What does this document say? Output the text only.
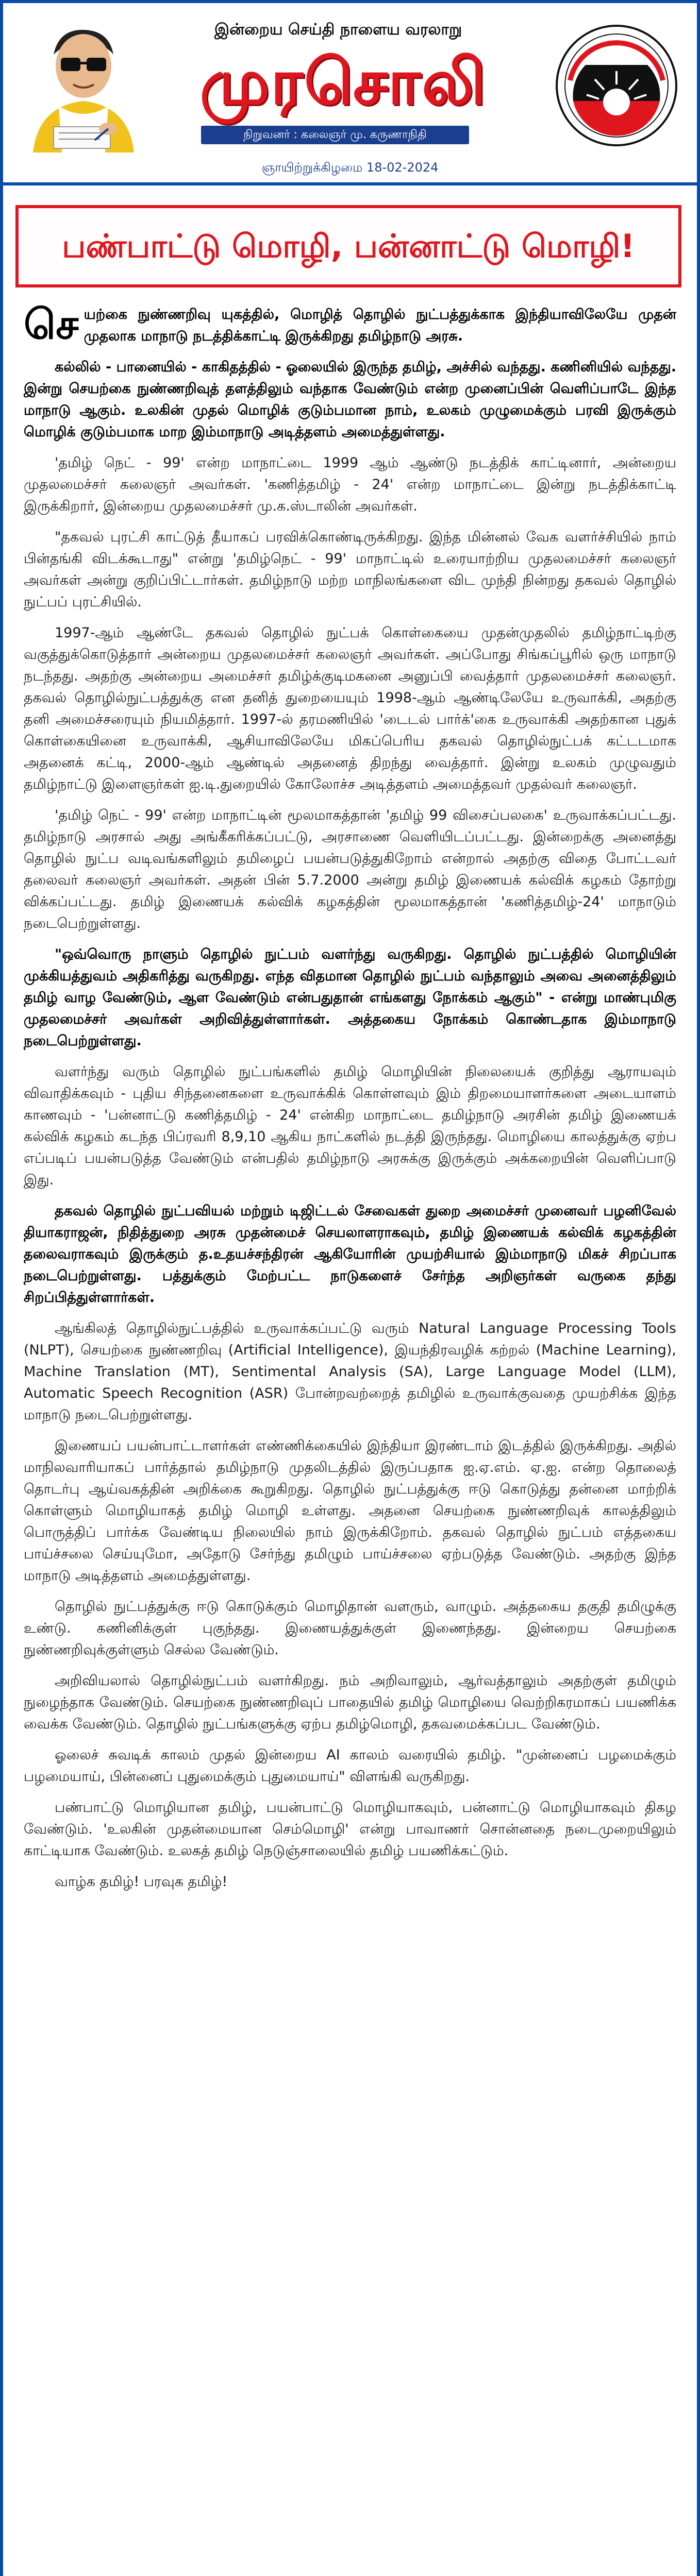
இன்றைய செய்தி நாளைய வரலாறு
முரசொலி
நிறுவனர் : கலைஞர் மு. கருணாநிதி
ஞாயிற்றுக்கிழமை 18-02-2024
பண்பாட்டு மொழி, பன்னாட்டு மொழி!

செயற்கை நுண்ணறிவு யுகத்தில், மொழித் தொழில் நுட்பத்துக்காக இந்தியாவிலேயே முதன் முதலாக மாநாடு நடத்திக்காட்டி இருக்கிறது தமிழ்நாடு அரசு.

கல்லில் - பானையில் - காகிதத்தில் - ஓலையில் இருந்த தமிழ், அச்சில் வந்தது. கணினியில் வந்தது. இன்று செயற்கை நுண்ணறிவுத் தளத்திலும் வந்தாக வேண்டும் என்ற முனைப்பின் வெளிப்பாடே இந்த மாநாடு ஆகும். உலகின் முதல் மொழிக் குடும்பமான நாம், உலகம் முழுமைக்கும் பரவி இருக்கும் மொழிக் குடும்பமாக மாற இம்மாநாடு அடித்தளம் அமைத்துள்ளது.

'தமிழ் நெட் - 99' என்ற மாநாட்டை 1999 ஆம் ஆண்டு நடத்திக் காட்டினார், அன்றைய முதலமைச்சர் கலைஞர் அவர்கள். 'கணித்தமிழ் - 24' என்ற மாநாட்டை இன்று நடத்திக்காட்டி இருக்கிறார், இன்றைய முதலமைச்சர் மு.க.ஸ்டாலின் அவர்கள்.

"தகவல் புரட்சி காட்டுத் தீயாகப் பரவிக்கொண்டிருக்கிறது. இந்த மின்னல் வேக வளர்ச்சியில் நாம் பின்தங்கி விடக்கூடாது" என்று 'தமிழ்நெட் - 99' மாநாட்டில் உரையாற்றிய முதலமைச்சர் கலைஞர் அவர்கள் அன்று குறிப்பிட்டார்கள். தமிழ்நாடு மற்ற மாநிலங்களை விட முந்தி நின்றது தகவல் தொழில் நுட்பப் புரட்சியில்.

1997-ஆம் ஆண்டே தகவல் தொழில் நுட்பக் கொள்கையை முதன்முதலில் தமிழ்நாட்டிற்கு வகுத்துக்கொடுத்தார் அன்றைய முதலமைச்சர் கலைஞர் அவர்கள். அப்போது சிங்கப்பூரில் ஒரு மாநாடு நடந்தது. அதற்கு அன்றைய அமைச்சர் தமிழ்க்குடிமகனை அனுப்பி வைத்தார் முதலமைச்சர் கலைஞர். தகவல் தொழில்நுட்பத்துக்கு என தனித் துறையையும் 1998-ஆம் ஆண்டிலேயே உருவாக்கி, அதற்கு தனி அமைச்சரையும் நியமித்தார். 1997-ல் தரமணியில் 'டைடல் பார்க்'கை உருவாக்கி அதற்கான புதுக் கொள்கையினை உருவாக்கி, ஆசியாவிலேயே மிகப்பெரிய தகவல் தொழில்நுட்பக் கட்டடமாக அதனைக் கட்டி, 2000-ஆம் ஆண்டில் அதனைத் திறந்து வைத்தார். இன்று உலகம் முழுவதும் தமிழ்நாட்டு இளைஞர்கள் ஐ.டி.துறையில் கோலோச்ச அடித்தளம் அமைத்தவர் முதல்வர் கலைஞர்.

'தமிழ் நெட் - 99' என்ற மாநாட்டின் மூலமாகத்தான் 'தமிழ் 99 விசைப்பலகை' உருவாக்கப்பட்டது. தமிழ்நாடு அரசால் அது அங்கீகரிக்கப்பட்டு, அரசாணை வெளியிடப்பட்டது. இன்றைக்கு அனைத்து தொழில் நுட்ப வடிவங்களிலும் தமிழைப் பயன்படுத்துகிறோம் என்றால் அதற்கு விதை போட்டவர் தலைவர் கலைஞர் அவர்கள். அதன் பின் 5.7.2000 அன்று தமிழ் இணையக் கல்விக் கழகம் தோற்று விக்கப்பட்டது. தமிழ் இணையக் கல்விக் கழகத்தின் மூலமாகத்தான் 'கணித்தமிழ்-24' மாநாடும் நடைபெற்றுள்ளது.

"ஒவ்வொரு நாளும் தொழில் நுட்பம் வளர்ந்து வருகிறது. தொழில் நுட்பத்தில் மொழியின் முக்கியத்துவம் அதிகரித்து வருகிறது. எந்த விதமான தொழில் நுட்பம் வந்தாலும் அவை அனைத்திலும் தமிழ் வாழ வேண்டும், ஆள வேண்டும் என்பதுதான் எங்களது நோக்கம் ஆகும்" - என்று மாண்புமிகு முதலமைச்சர் அவர்கள் அறிவித்துள்ளார்கள். அத்தகைய நோக்கம் கொண்டதாக இம்மாநாடு நடைபெற்றுள்ளது.

வளர்ந்து வரும் தொழில் நுட்பங்களில் தமிழ் மொழியின் நிலையைக் குறித்து ஆராயவும் விவாதிக்கவும் - புதிய சிந்தனைகளை உருவாக்கிக் கொள்ளவும் இம் திறமையாளர்களை அடையாளம் காணவும் - 'பன்னாட்டு கணித்தமிழ் - 24' என்கிற மாநாட்டை தமிழ்நாடு அரசின் தமிழ் இணையக் கல்விக் கழகம் கடந்த பிப்ரவரி 8,9,10 ஆகிய நாட்களில் நடத்தி இருந்தது. மொழியை காலத்துக்கு ஏற்ப எப்படிப் பயன்படுத்த வேண்டும் என்பதில் தமிழ்நாடு அரசுக்கு இருக்கும் அக்கறையின் வெளிப்பாடு இது.

தகவல் தொழில் நுட்பவியல் மற்றும் டிஜிட்டல் சேவைகள் துறை அமைச்சர் முனைவர் பழனிவேல் தியாகராஜன், நிதித்துறை அரசு முதன்மைச் செயலாளராகவும், தமிழ் இணையக் கல்விக் கழகத்தின் தலைவராகவும் இருக்கும் த.உதயச்சந்திரன் ஆகியோரின் முயற்சியால் இம்மாநாடு மிகச் சிறப்பாக நடைபெற்றுள்ளது. பத்துக்கும் மேற்பட்ட நாடுகளைச் சேர்ந்த அறிஞர்கள் வருகை தந்து சிறப்பித்துள்ளார்கள்.

ஆங்கிலத் தொழில்நுட்பத்தில் உருவாக்கப்பட்டு வரும் Natural Language Processing Tools (NLPT), செயற்கை நுண்ணறிவு (Artificial Intelligence), இயந்திரவழிக் கற்றல் (Machine Learning), Machine Translation (MT), Sentimental Analysis (SA), Large Language Model (LLM), Automatic Speech Recognition (ASR) போன்றவற்றைத் தமிழில் உருவாக்குவதை முயற்சிக்க இந்த மாநாடு நடைபெற்றுள்ளது.

இணையப் பயன்பாட்டாளர்கள் எண்ணிக்கையில் இந்தியா இரண்டாம் இடத்தில் இருக்கிறது. அதில் மாநிலவாரியாகப் பார்த்தால் தமிழ்நாடு முதலிடத்தில் இருப்பதாக ஐ.ஏ.எம். ஏ.ஐ. என்ற தொலைத் தொடர்பு ஆய்வகத்தின் அறிக்கை கூறுகிறது. தொழில் நுட்பத்துக்கு ஈடு கொடுத்து தன்னை மாற்றிக் கொள்ளும் மொழியாகத் தமிழ் மொழி உள்ளது. அதனை செயற்கை நுண்ணறிவுக் காலத்திலும் பொருத்திப் பார்க்க வேண்டிய நிலையில் நாம் இருக்கிறோம். தகவல் தொழில் நுட்பம் எத்தகைய பாய்ச்சலை செய்யுமோ, அதோடு சேர்ந்து தமிழும் பாய்ச்சலை ஏற்படுத்த வேண்டும். அதற்கு இந்த மாநாடு அடித்தளம் அமைத்துள்ளது.

தொழில் நுட்பத்துக்கு ஈடு கொடுக்கும் மொழிதான் வளரும், வாழும். அத்தகைய தகுதி தமிழுக்கு உண்டு. கணினிக்குள் புகுந்தது. இணையத்துக்குள் இணைந்தது. இன்றைய செயற்கை நுண்ணறிவுக்குள்ளும் செல்ல வேண்டும்.

அறிவியலால் தொழில்நுட்பம் வளர்கிறது. நம் அறிவாலும், ஆர்வத்தாலும் அதற்குள் தமிழும் நுழைந்தாக வேண்டும். செயற்கை நுண்ணறிவுப் பாதையில் தமிழ் மொழியை வெற்றிகரமாகப் பயணிக்க வைக்க வேண்டும். தொழில் நுட்பங்களுக்கு ஏற்ப தமிழ்மொழி, தகவமைக்கப்பட வேண்டும்.

ஓலைச் சுவடிக் காலம் முதல் இன்றைய AI காலம் வரையில் தமிழ். "முன்னைப் பழமைக்கும் பழமையாய், பின்னைப் புதுமைக்கும் புதுமையாய்" விளங்கி வருகிறது.

பண்பாட்டு மொழியான தமிழ், பயன்பாட்டு மொழியாகவும், பன்னாட்டு மொழியாகவும் திகழ வேண்டும். 'உலகின் முதன்மையான செம்மொழி' என்று பாவாணர் சொன்னதை நடைமுறையிலும் காட்டியாக வேண்டும். உலகத் தமிழ் நெடுஞ்சாலையில் தமிழ் பயணிக்கட்டும்.

வாழ்க தமிழ்! பரவுக தமிழ்!
